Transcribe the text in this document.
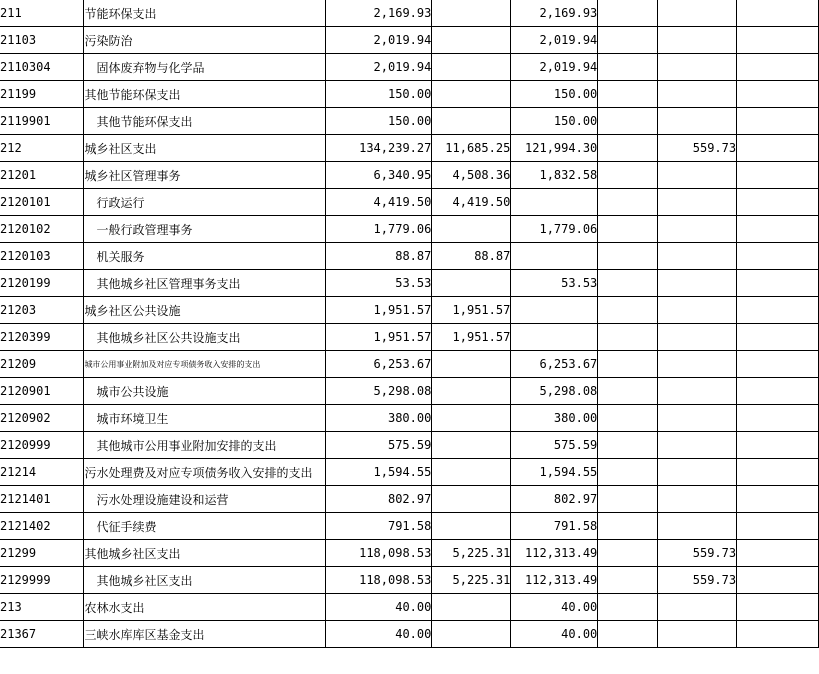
211	节能环保支出	2,169.93		2,169.93			
21103	污染防治	2,019.94		2,019.94			
2110304	固体废弃物与化学品	2,019.94		2,019.94			
21199	其他节能环保支出	150.00		150.00			
2119901	其他节能环保支出	150.00		150.00			
212	城乡社区支出	134,239.27	11,685.25	121,994.30		559.73	
21201	城乡社区管理事务	6,340.95	4,508.36	1,832.58			
2120101	行政运行	4,419.50	4,419.50				
2120102	一般行政管理事务	1,779.06		1,779.06			
2120103	机关服务	88.87	88.87				
2120199	其他城乡社区管理事务支出	53.53		53.53			
21203	城乡社区公共设施	1,951.57	1,951.57				
2120399	其他城乡社区公共设施支出	1,951.57	1,951.57				
21209	城市公用事业附加及对应专项债务收入安排的支出	6,253.67		6,253.67			
2120901	城市公共设施	5,298.08		5,298.08			
2120902	城市环境卫生	380.00		380.00			
2120999	其他城市公用事业附加安排的支出	575.59		575.59			
21214	污水处理费及对应专项债务收入安排的支出	1,594.55		1,594.55			
2121401	污水处理设施建设和运营	802.97		802.97			
2121402	代征手续费	791.58		791.58			
21299	其他城乡社区支出	118,098.53	5,225.31	112,313.49		559.73	
2129999	其他城乡社区支出	118,098.53	5,225.31	112,313.49		559.73	
213	农林水支出	40.00		40.00			
21367	三峡水库库区基金支出	40.00		40.00			
